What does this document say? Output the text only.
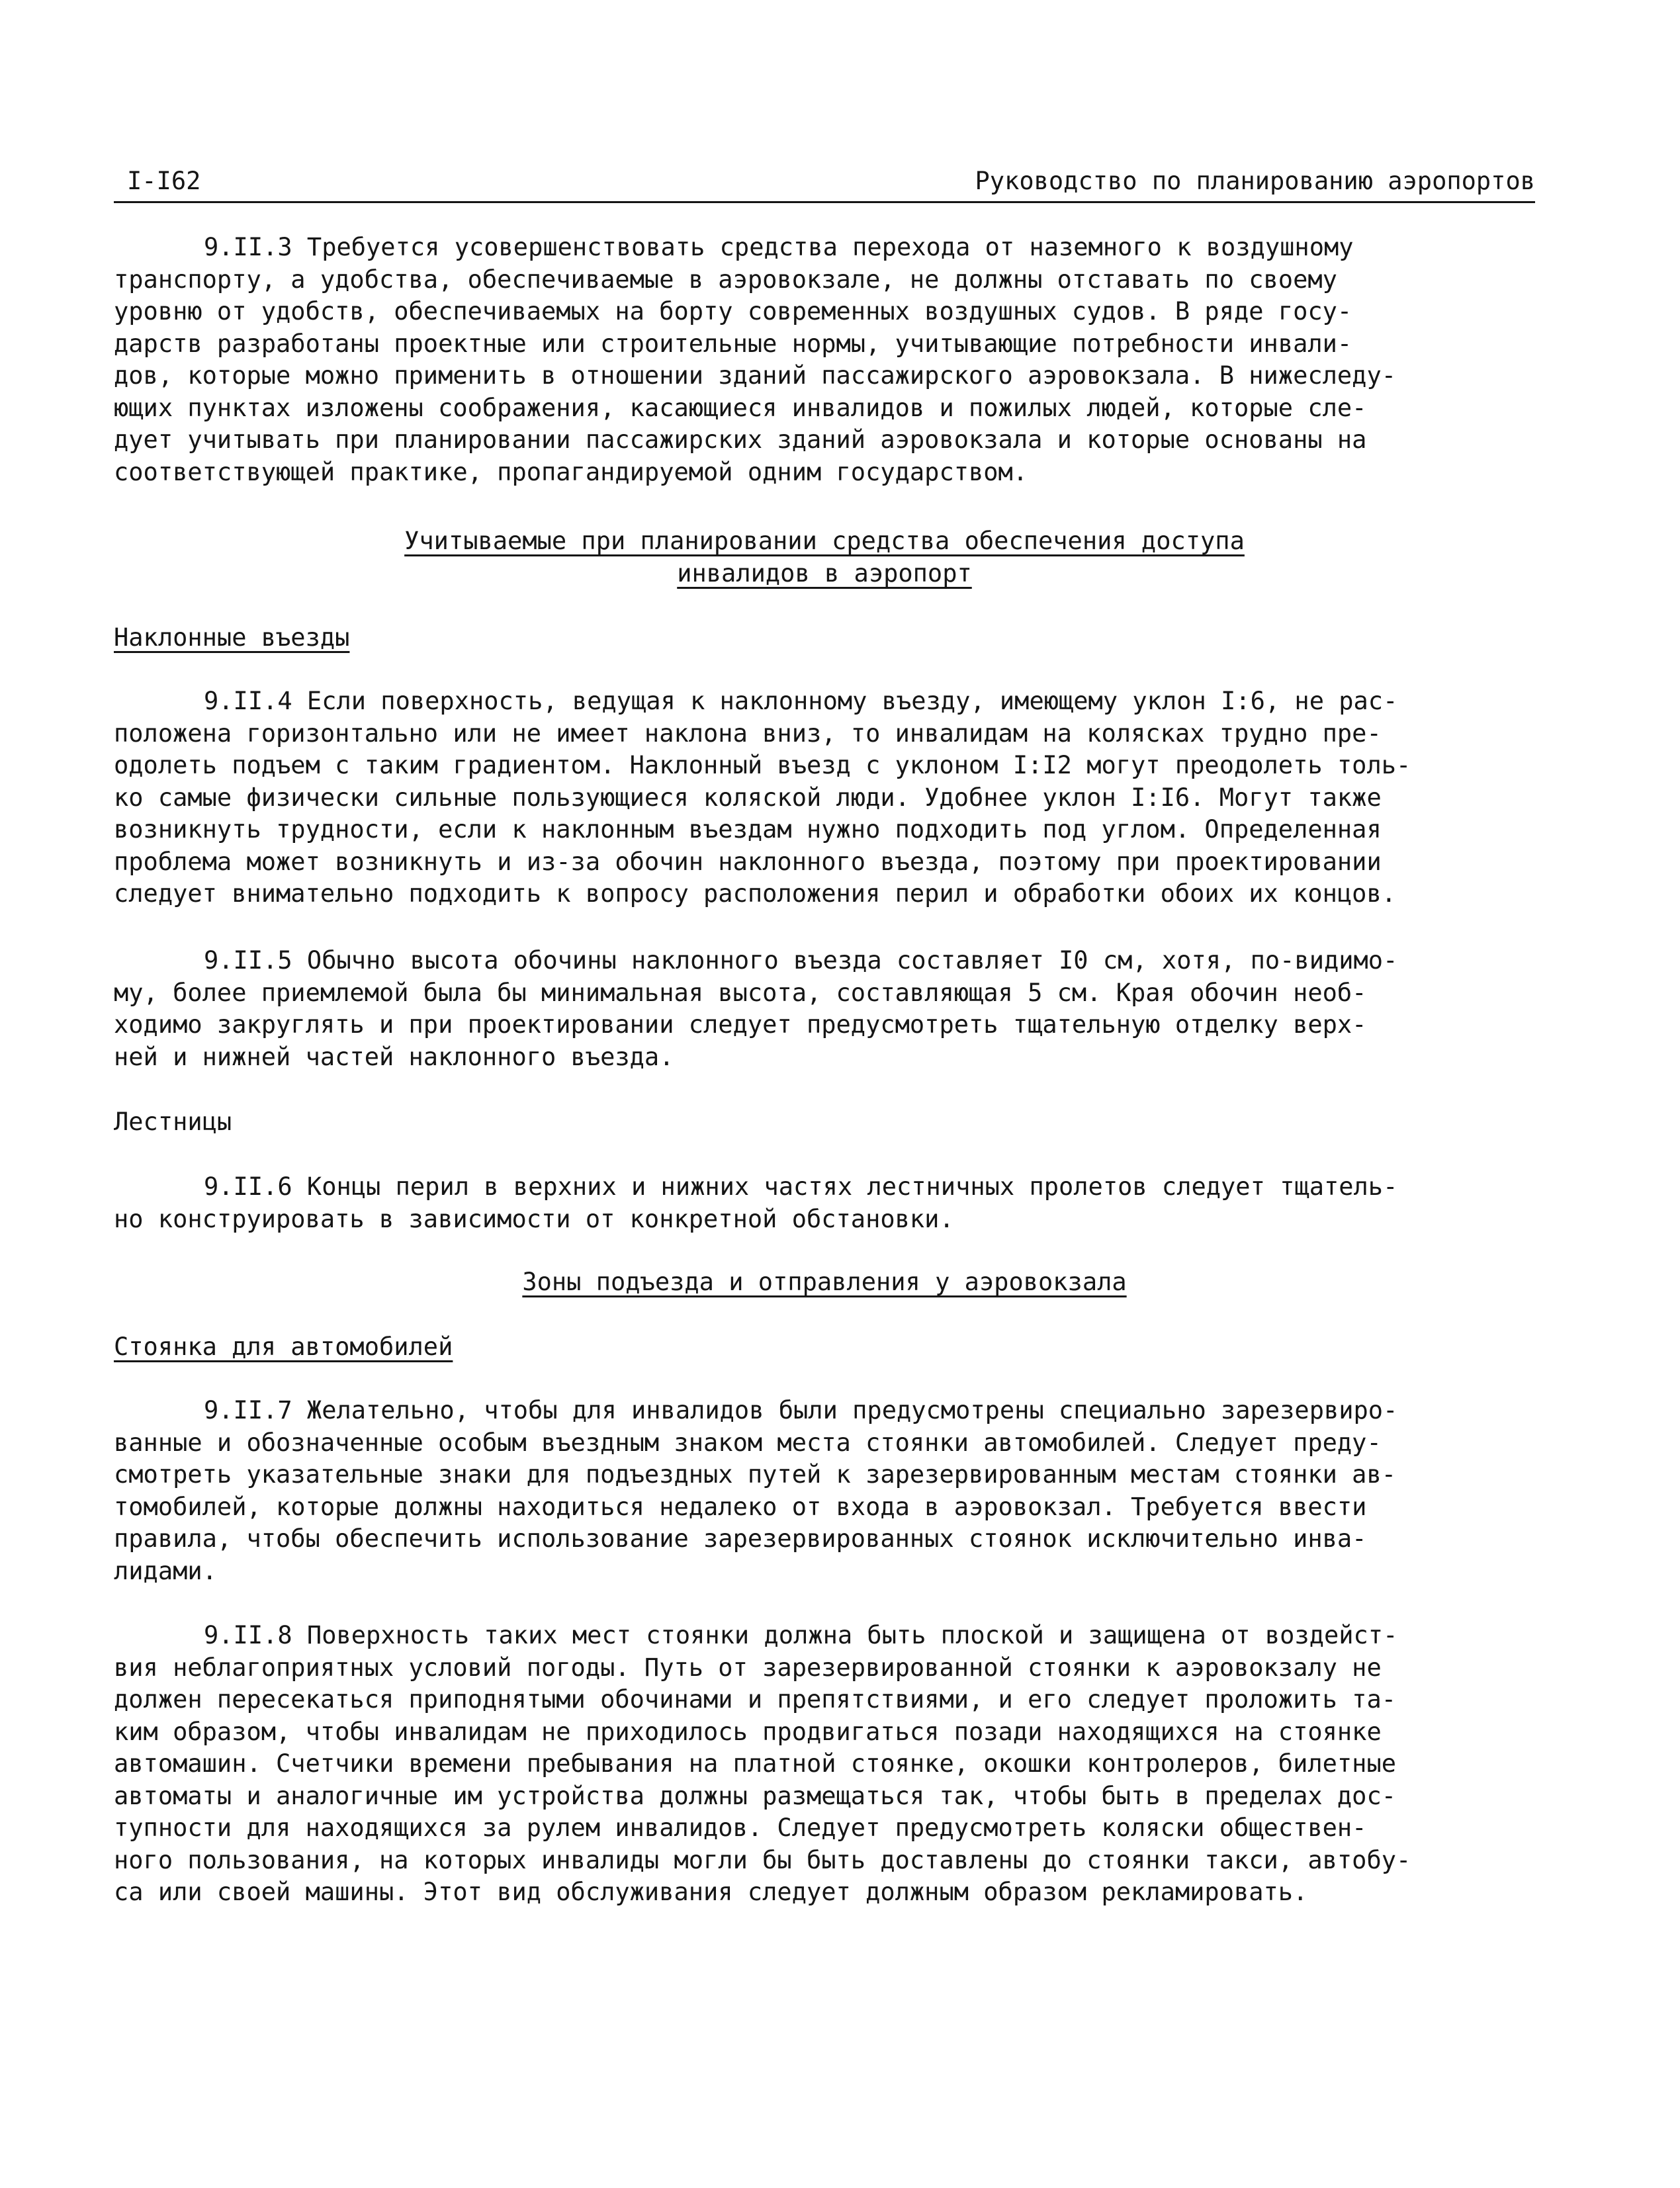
I-I62	Руководство по планированию аэропортов
9.II.3 Требуется усовершенствовать средства перехода от наземного к воздушному
транспорту, а удобства, обеспечиваемые в аэровокзале, не должны отставать по своему
уровню от удобств, обеспечиваемых на борту современных воздушных судов. В ряде госу-
дарств разработаны проектные или строительные нормы, учитывающие потребности инвали-
дов, которые можно применить в отношении зданий пассажирского аэровокзала. В нижеследу-
ющих пунктах изложены соображения, касающиеся инвалидов и пожилых людей, которые сле-
дует учитывать при планировании пассажирских зданий аэровокзала и которые основаны на
соответствующей практике, пропагандируемой одним государством.
Учитываемые при планировании средства обеспечения доступа
инвалидов в аэропорт
Наклонные въезды
9.II.4 Если поверхность, ведущая к наклонному въезду, имеющему уклон I:6, не рас-
положена горизонтально или не имеет наклона вниз, то инвалидам на колясках трудно пре-
одолеть подъем с таким градиентом. Наклонный въезд с уклоном I:I2 могут преодолеть толь-
ко самые физически сильные пользующиеся коляской люди. Удобнее уклон I:I6. Могут также
возникнуть трудности, если к наклонным въездам нужно подходить под углом. Определенная
проблема может возникнуть и из-за обочин наклонного въезда, поэтому при проектировании
следует внимательно подходить к вопросу расположения перил и обработки обоих их концов.
9.II.5 Обычно высота обочины наклонного въезда составляет I0 см, хотя, по-видимо-
му, более приемлемой была бы минимальная высота, составляющая 5 см. Края обочин необ-
ходимо закруглять и при проектировании следует предусмотреть тщательную отделку верх-
ней и нижней частей наклонного въезда.
Лестницы
9.II.6 Концы перил в верхних и нижних частях лестничных пролетов следует тщатель-
но конструировать в зависимости от конкретной обстановки.
Зоны подъезда и отправления у аэровокзала
Стоянка для автомобилей
9.II.7 Желательно, чтобы для инвалидов были предусмотрены специально зарезервиро-
ванные и обозначенные особым въездным знаком места стоянки автомобилей. Следует преду-
смотреть указательные знаки для подъездных путей к зарезервированным местам стоянки ав-
томобилей, которые должны находиться недалеко от входа в аэровокзал. Требуется ввести
правила, чтобы обеспечить использование зарезервированных стоянок исключительно инва-
лидами.
9.II.8 Поверхность таких мест стоянки должна быть плоской и защищена от воздейст-
вия неблагоприятных условий погоды. Путь от зарезервированной стоянки к аэровокзалу не
должен пересекаться приподнятыми обочинами и препятствиями, и его следует проложить та-
ким образом, чтобы инвалидам не приходилось продвигаться позади находящихся на стоянке
автомашин. Счетчики времени пребывания на платной стоянке, окошки контролеров, билетные
автоматы и аналогичные им устройства должны размещаться так, чтобы быть в пределах дос-
тупности для находящихся за рулем инвалидов. Следует предусмотреть коляски обществен-
ного пользования, на которых инвалиды могли бы быть доставлены до стоянки такси, автобу-
са или своей машины. Этот вид обслуживания следует должным образом рекламировать.
